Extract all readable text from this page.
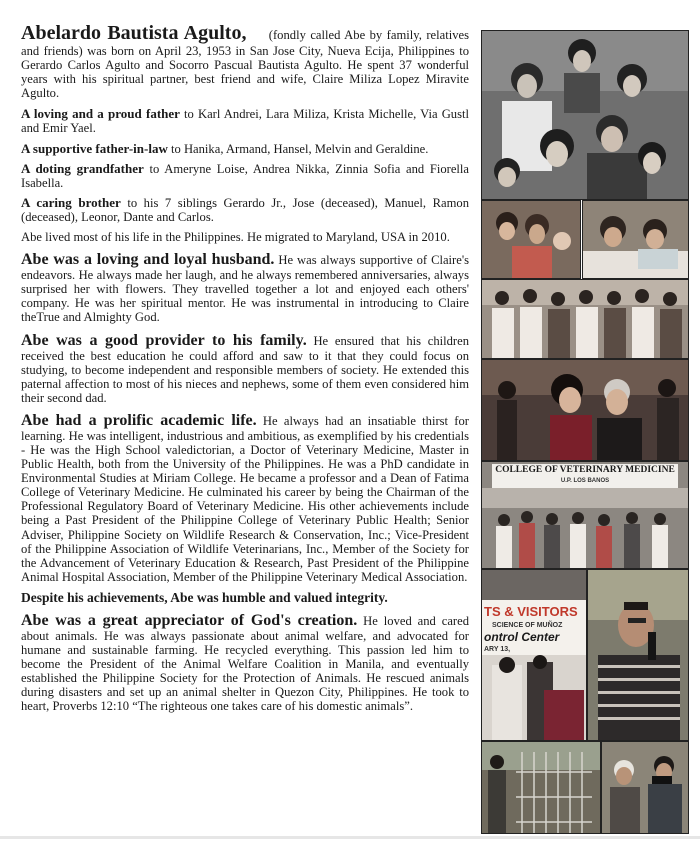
Abelardo Bautista Agulto, (fondly called Abe by family, relatives and friends) was born on April 23, 1953 in San Jose City, Nueva Ecija, Philippines to Gerardo Carlos Agulto and Socorro Pascual Bautista Agulto. He spent 37 wonderful years with his spiritual partner, best friend and wife, Claire Miliza Lopez Miravite Agulto.

A loving and a proud father to Karl Andrei, Lara Miliza, Krista Michelle, Via Gustl and Emir Yael.

A supportive father-in-law to Hanika, Armand, Hansel, Melvin and Geraldine.

A doting grandfather to Ameryne Loise, Andrea Nikka, Zinnia Sofia and Fiorella Isabella.

A caring brother to his 7 siblings Gerardo Jr., Jose (deceased), Manuel, Ramon (deceased), Leonor, Dante and Carlos.

Abe lived most of his life in the Philippines. He migrated to Maryland, USA in 2010.

Abe was a loving and loyal husband. He was always supportive of Claire's endeavors. He always made her laugh, and he always remembered anniversaries, always surprised her with flowers. They travelled together a lot and enjoyed each others' company. He was her spiritual mentor. He was instrumental in introducing to Claire theTrue and Almighty God.

Abe was a good provider to his family. He ensured that his children received the best education he could afford and saw to it that they could focus on studying, to become independent and responsible members of society. He extended this paternal affection to most of his nieces and nephews, some of them even considered him their second dad.

Abe had a prolific academic life. He always had an insatiable thirst for learning. He was intelligent, industrious and ambitious, as exemplified by his credentials - He was the High School valedictorian, a Doctor of Veterinary Medicine, Master in Public Health, both from the University of the Philippines. He was a PhD candidate in Environmental Studies at Miriam College. He became a professor and a Dean of Fatima College of Veterinary Medicine. He culminated his career by being the Chairman of the Professional Regulatory Board of Veterinary Medicine. His other achievements include being a Past President of the Philippine College of Veterinary Public Health; Senior Adviser, Philippine Society on Wildlife Research & Conservation, Inc.; Vice-President of the Philippine Association of Wildlife Veterinarians, Inc., Member of the Society for the Advancement of Veterinary Education & Research, Past President of the Philippine Animal Hospital Association, Member of the Philippine Veterinary Medical Association.

Despite his achievements, Abe was humble and valued integrity.

Abe was a great appreciator of God's creation. He loved and cared about animals. He was always passionate about animal welfare, and advocated for humane and sustainable farming. He recycled everything. This passion led him to become the President of the Animal Welfare Coalition in Manila, and eventually established the Philippine Society for the Protection of Animals. He rescued animals during disasters and set up an animal shelter in Quezon City, Philippines. He took to heart, Proverbs 12:10 “The righteous one takes care of his domestic animals”.

COLLEGE OF VETERINARY MEDICINE
U.P. LOS BANOS
TS & VISITORS
SCIENCE OF MUÑOZ
ontrol Center
ARY 13,
